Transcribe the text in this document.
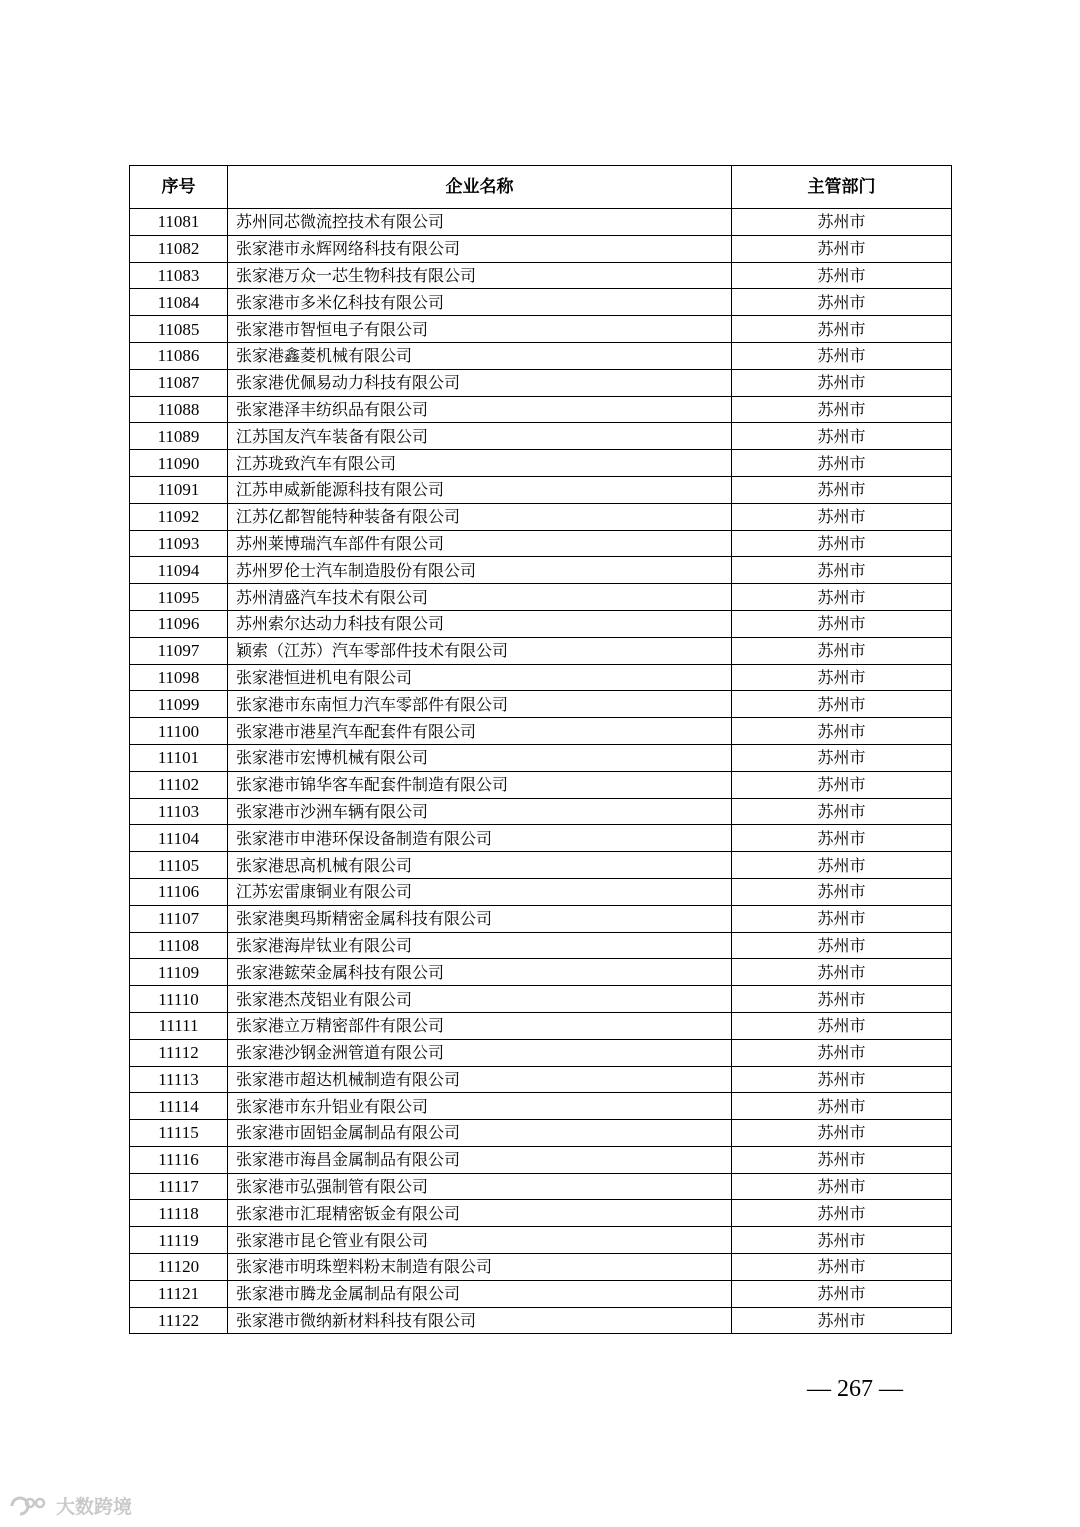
序号	企业名称	主管部门
11081	苏州同芯微流控技术有限公司	苏州市
11082	张家港市永辉网络科技有限公司	苏州市
11083	张家港万众一芯生物科技有限公司	苏州市
11084	张家港市多米亿科技有限公司	苏州市
11085	张家港市智恒电子有限公司	苏州市
11086	张家港鑫菱机械有限公司	苏州市
11087	张家港优佩易动力科技有限公司	苏州市
11088	张家港泽丰纺织品有限公司	苏州市
11089	江苏国友汽车装备有限公司	苏州市
11090	江苏珑致汽车有限公司	苏州市
11091	江苏申威新能源科技有限公司	苏州市
11092	江苏亿都智能特种装备有限公司	苏州市
11093	苏州莱博瑞汽车部件有限公司	苏州市
11094	苏州罗伦士汽车制造股份有限公司	苏州市
11095	苏州清盛汽车技术有限公司	苏州市
11096	苏州索尔达动力科技有限公司	苏州市
11097	颖索（江苏）汽车零部件技术有限公司	苏州市
11098	张家港恒进机电有限公司	苏州市
11099	张家港市东南恒力汽车零部件有限公司	苏州市
11100	张家港市港星汽车配套件有限公司	苏州市
11101	张家港市宏博机械有限公司	苏州市
11102	张家港市锦华客车配套件制造有限公司	苏州市
11103	张家港市沙洲车辆有限公司	苏州市
11104	张家港市申港环保设备制造有限公司	苏州市
11105	张家港思高机械有限公司	苏州市
11106	江苏宏雷康铜业有限公司	苏州市
11107	张家港奥玛斯精密金属科技有限公司	苏州市
11108	张家港海岸钛业有限公司	苏州市
11109	张家港鋐荣金属科技有限公司	苏州市
11110	张家港杰茂铝业有限公司	苏州市
11111	张家港立万精密部件有限公司	苏州市
11112	张家港沙钢金洲管道有限公司	苏州市
11113	张家港市超达机械制造有限公司	苏州市
11114	张家港市东升铝业有限公司	苏州市
11115	张家港市固铝金属制品有限公司	苏州市
11116	张家港市海昌金属制品有限公司	苏州市
11117	张家港市弘强制管有限公司	苏州市
11118	张家港市汇琨精密钣金有限公司	苏州市
11119	张家港市昆仑管业有限公司	苏州市
11120	张家港市明珠塑料粉末制造有限公司	苏州市
11121	张家港市腾龙金属制品有限公司	苏州市
11122	张家港市微纳新材料科技有限公司	苏州市
— 267 —
大数跨境
